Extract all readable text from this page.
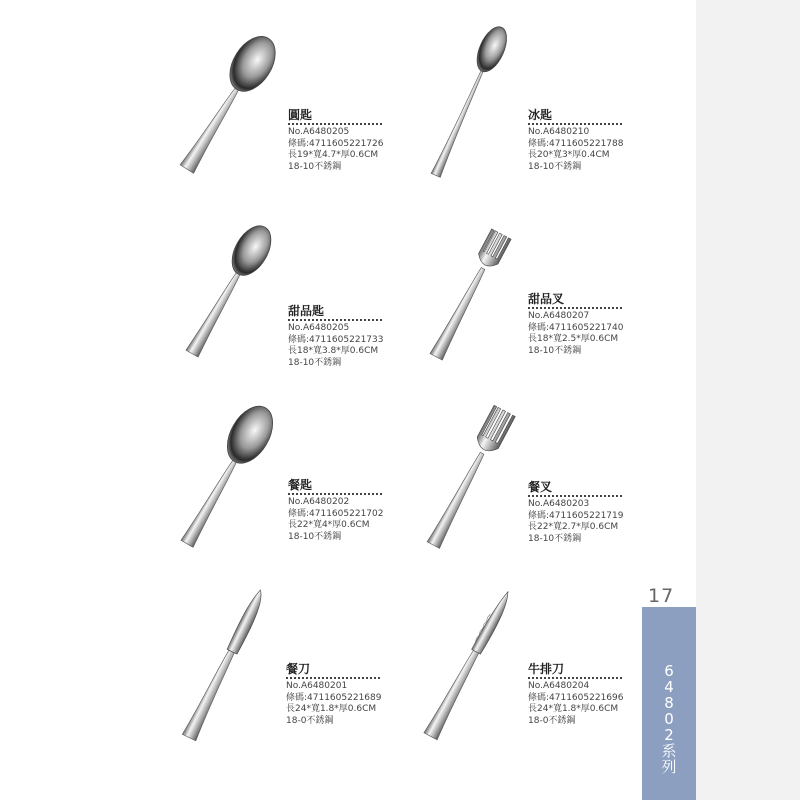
圓匙
No.A6480205
條碼:4711605221726
長19*寬4.7*厚0.6CM
18-10不銹鋼
冰匙
No.A6480210
條碼:4711605221788
長20*寬3*厚0.4CM
18-10不銹鋼
甜品匙
No.A6480205
條碼:4711605221733
長18*寬3.8*厚0.6CM
18-10不銹鋼
甜品叉
No.A6480207
條碼:4711605221740
長18*寬2.5*厚0.6CM
18-10不銹鋼
餐匙
No.A6480202
條碼:4711605221702
長22*寬4*厚0.6CM
18-10不銹鋼
餐叉
No.A6480203
條碼:4711605221719
長22*寬2.7*厚0.6CM
18-10不銹鋼
餐刀
No.A6480201
條碼:4711605221689
長24*寬1.8*厚0.6CM
18-0不銹鋼
牛排刀
No.A6480204
條碼:4711605221696
長24*寬1.8*厚0.6CM
18-0不銹鋼
17
6
4
8
0
2
系
列
